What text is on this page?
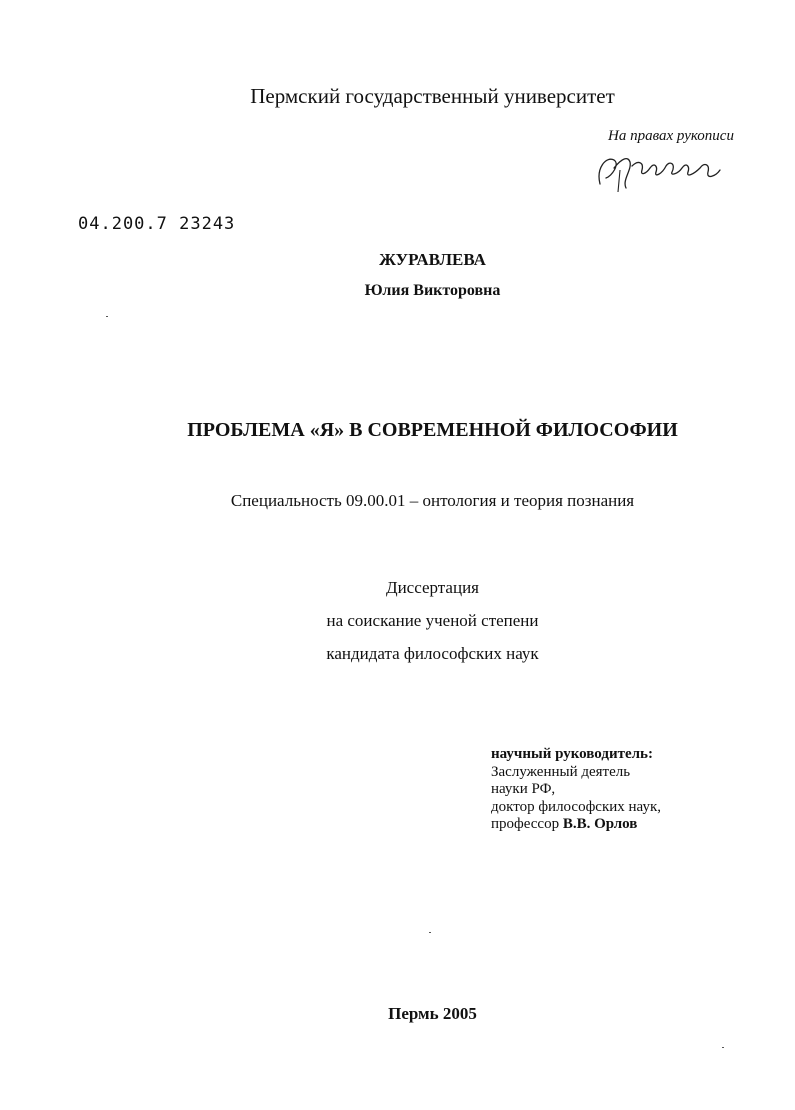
Пермский государственный университет
На правах рукописи
04.200.7 23243
ЖУРАВЛЕВА
Юлия Викторовна
ПРОБЛЕМА «Я» В СОВРЕМЕННОЙ ФИЛОСОФИИ
Специальность 09.00.01 – онтология и теория познания
Диссертация
на соискание ученой степени
кандидата философских наук
научный руководитель:
Заслуженный деятель
науки РФ,
доктор философских наук,
профессор В.В. Орлов
Пермь 2005
